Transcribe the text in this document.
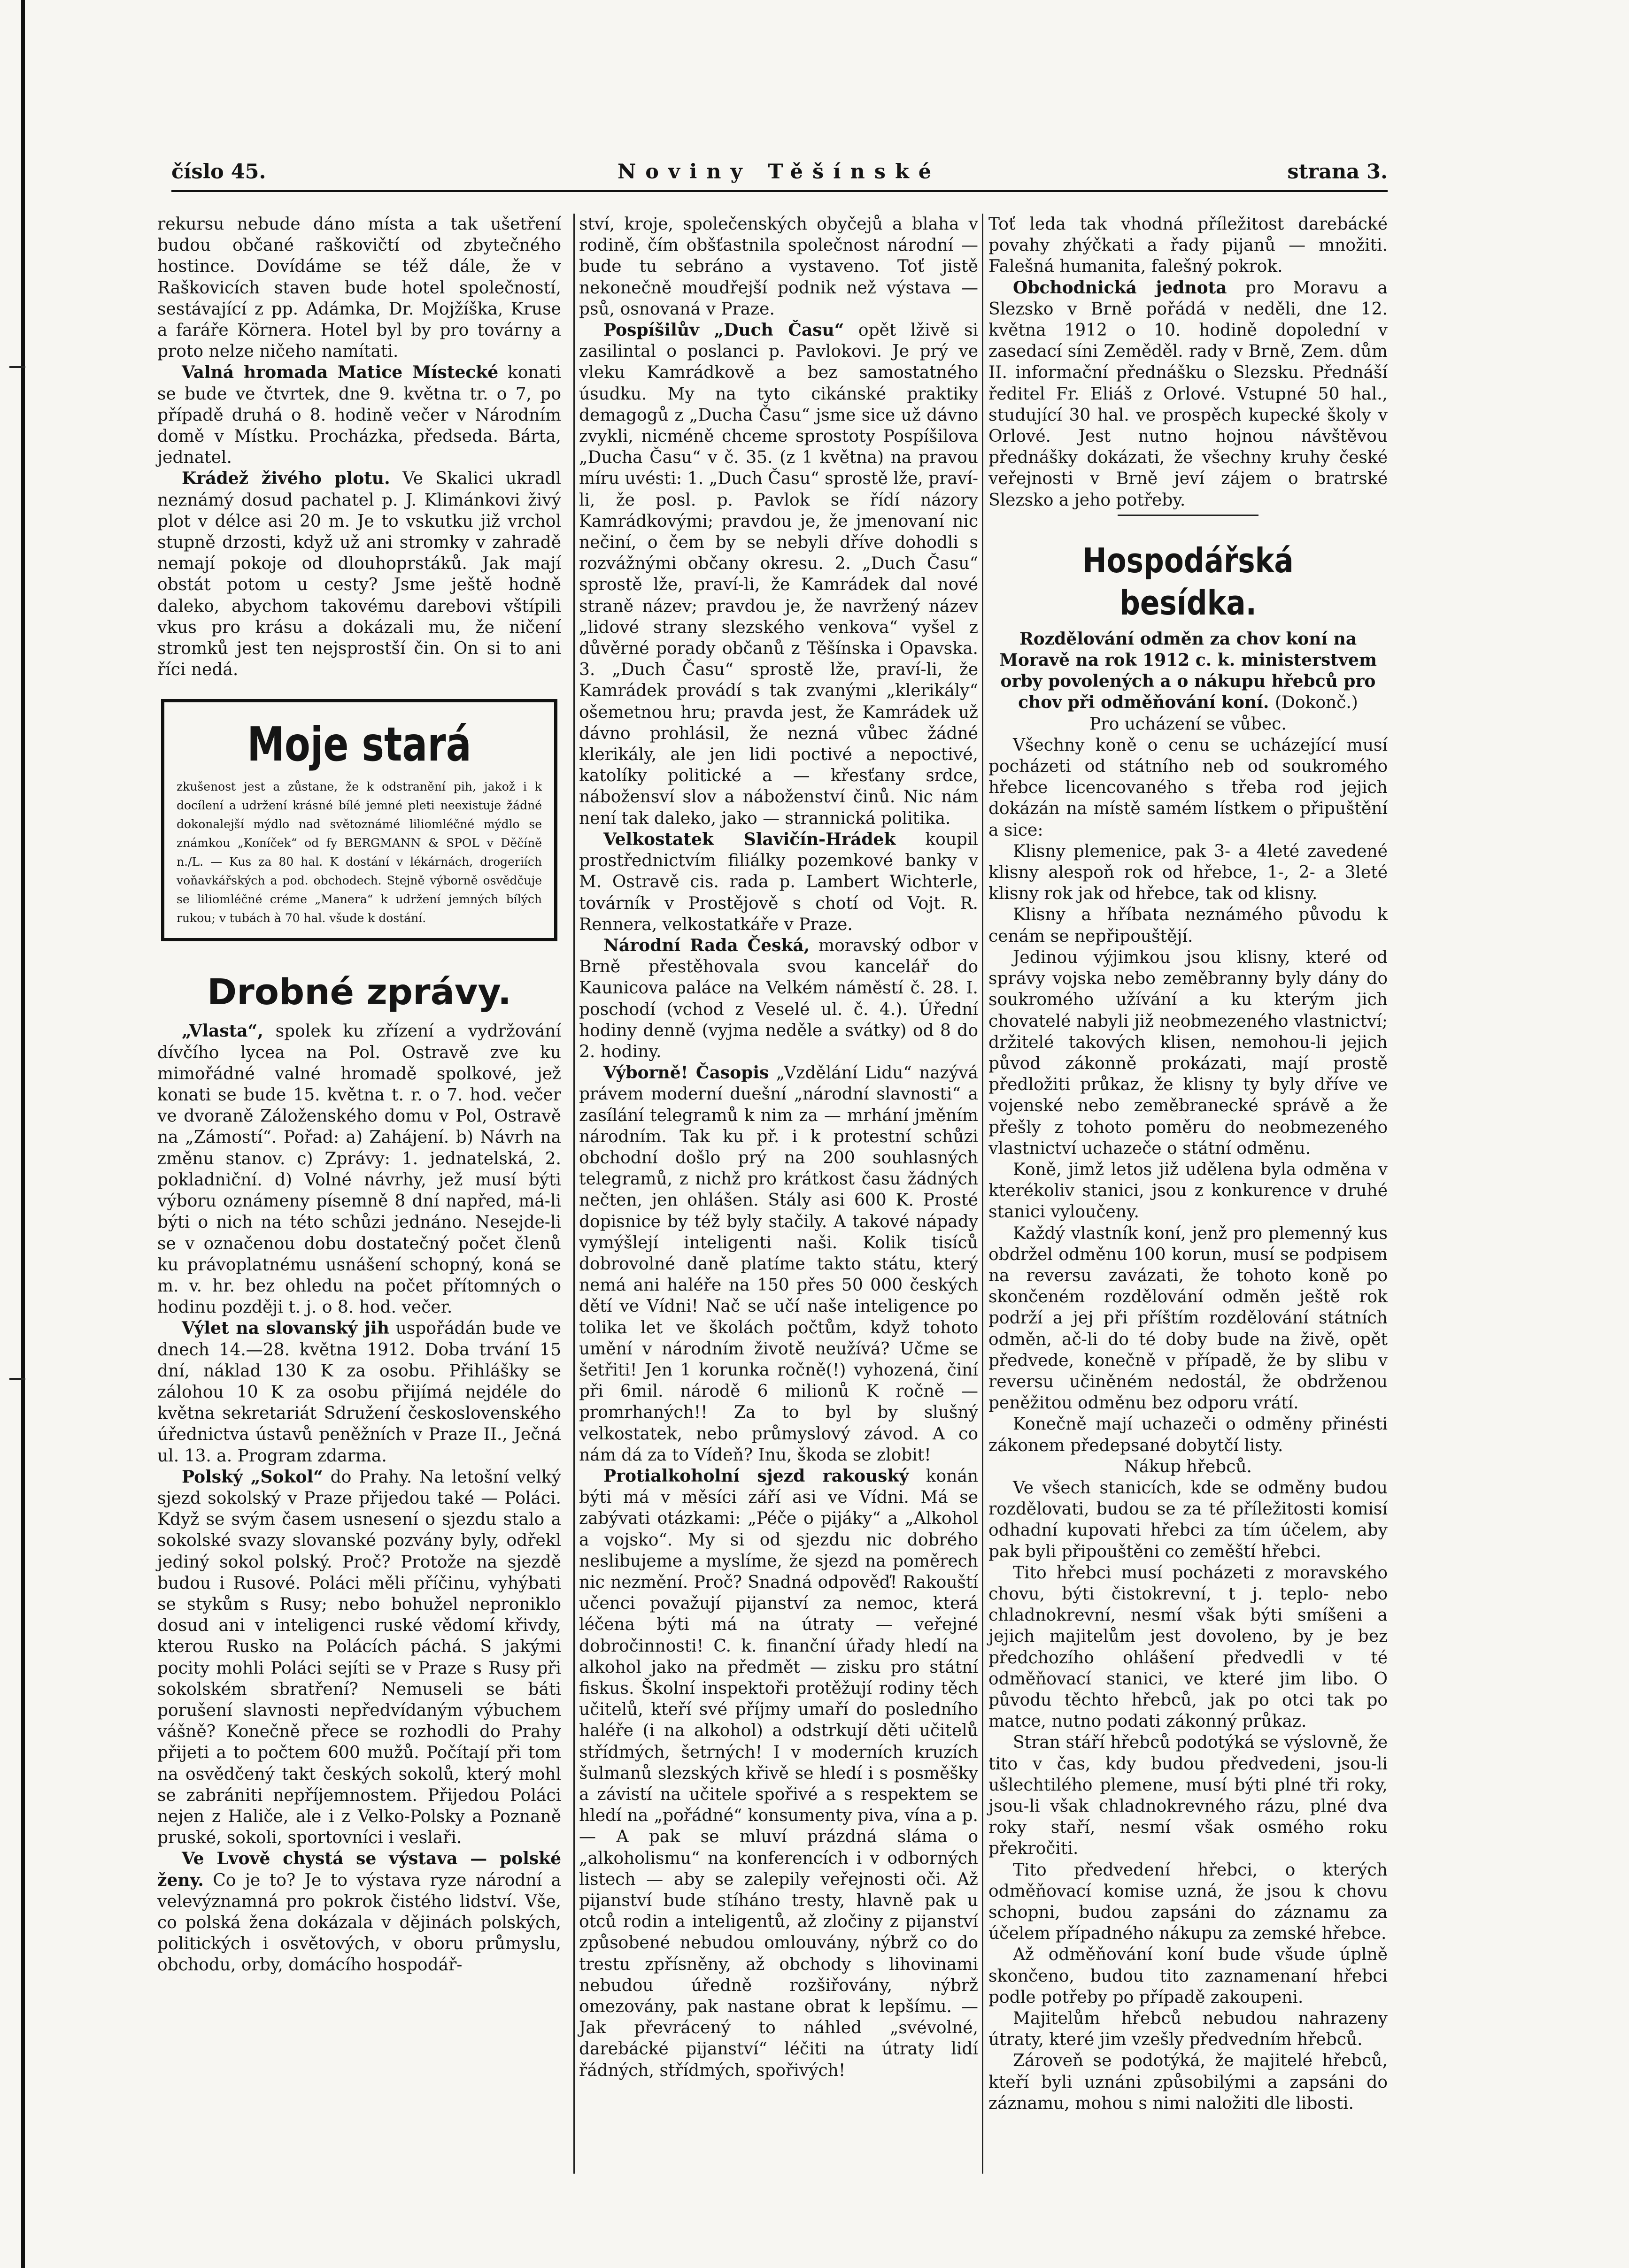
číslo 45.	Noviny Těšínské	strana 3.

rekursu nebude dáno místa a tak ušetření budou občané raškovičtí od zbytečného hostince. Dovídáme se též dále, že v Raškovicích staven bude hotel společností, sestávající z pp. Adámka, Dr. Mojžíška, Kruse a faráře Körnera. Hotel byl by pro továrny a proto nelze ničeho namítati.

Valná hromada Matice Místecké konati se bude ve čtvrtek, dne 9. května tr. o 7, po případě druhá o 8. hodině večer v Národním domě v Místku. Procházka, předseda. Bárta, jednatel.

Krádež živého plotu. Ve Skalici ukradl neznámý dosud pachatel p. J. Klimánkovi živý plot v délce asi 20 m. Je to vskutku již vrchol stupně drzosti, když už ani stromky v zahradě nemají pokoje od dlouhoprstáků. Jak mají obstát potom u cesty? Jsme ještě hodně daleko, abychom takovému darebovi vštípili vkus pro krásu a dokázali mu, že ničení stromků jest ten nejsprostší čin. On si to ani říci nedá.

Moje stará

zkušenost jest a zůstane, že k odstranění pih, jakož i k docílení a udržení krásné bílé jemné pleti neexistuje žádné dokonalejší mýdlo nad světoznámé liliomléčné mýdlo se známkou „Koníček“ od fy BERGMANN & SPOL v Děčíně n./L. — Kus za 80 hal. K dostání v lékárnách, drogeriích voňavkářských a pod. obchodech. Stejně výborně osvědčuje se liliomléčné créme „Manera“ k udržení jemných bílých rukou; v tubách à 70 hal. všude k dostání.

Drobné zprávy.

„Vlasta“, spolek ku zřízení a vydržování dívčího lycea na Pol. Ostravě zve ku mimořádné valné hromadě spolkové, jež konati se bude 15. května t. r. o 7. hod. večer ve dvoraně Záloženského domu v Pol, Ostravě na „Zámostí“. Pořad: a) Zahájení. b) Návrh na změnu stanov. c) Zprávy: 1. jednatelská, 2. pokladniční. d) Volné návrhy, jež musí býti výboru oznámeny písemně 8 dní napřed, má-li býti o nich na této schůzi jednáno. Nesejde-li se v označenou dobu dostatečný počet členů ku právoplatnému usnášení schopný, koná se m. v. hr. bez ohledu na počet přítomných o hodinu později t. j. o 8. hod. večer.

Výlet na slovanský jih uspořádán bude ve dnech 14.—28. května 1912. Doba trvání 15 dní, náklad 130 K za osobu. Přihlášky se zálohou 10 K za osobu přijímá nejdéle do května sekretariát Sdružení československého úřednictva ústavů peněžních v Praze II., Ječná ul. 13. a. Program zdarma.

Polský „Sokol“ do Prahy. Na letošní velký sjezd sokolský v Praze přijedou také — Poláci. Když se svým časem usnesení o sjezdu stalo a sokolské svazy slovanské pozvány byly, odřekl jediný sokol polský. Proč? Protože na sjezdě budou i Rusové. Poláci měli příčinu, vyhýbati se stykům s Rusy; nebo bohužel neproniklo dosud ani v inteligenci ruské vědomí křivdy, kterou Rusko na Polácích páchá. S jakými pocity mohli Poláci sejíti se v Praze s Rusy při sokolském sbratření? Nemuseli se báti porušení slavnosti nepředvídaným výbuchem vášně? Konečně přece se rozhodli do Prahy přijeti a to počtem 600 mužů. Počítají při tom na osvědčený takt českých sokolů, který mohl se zabrániti nepříjemnostem. Přijedou Poláci nejen z Haliče, ale i z Velko-Polsky a Poznaně pruské, sokoli, sportovníci i veslaři.

Ve Lvově chystá se výstava — polské ženy. Co je to? Je to výstava ryze národní a velevýznamná pro pokrok čistého lidství. Vše, co polská žena dokázala v dějinách polských, politických i osvětových, v oboru průmyslu, obchodu, orby, domácího hospodář-

ství, kroje, společenských obyčejů a blaha v rodině, čím obšťastnila společnost národní — bude tu sebráno a vystaveno. Toť jistě nekonečně moudřejší podnik než výstava — psů, osnovaná v Praze.

Pospíšilův „Duch Času“ opět lživě si zasilintal o poslanci p. Pavlokovi. Je prý ve vleku Kamrádkově a bez samostatného úsudku. My na tyto cikánské praktiky demagogů z „Ducha Času“ jsme sice už dávno zvykli, nicméně chceme sprostoty Pospíšilova „Ducha Času“ v č. 35. (z 1 května) na pravou míru uvésti: 1. „Duch Času“ sprostě lže, praví-li, že posl. p. Pavlok se řídí názory Kamrádkovými; pravdou je, že jmenovaní nic nečiní, o čem by se nebyli dříve dohodli s rozvážnými občany okresu. 2. „Duch Času“ sprostě lže, praví-li, že Kamrádek dal nové straně název; pravdou je, že navržený název „lidové strany slezského venkova“ vyšel z důvěrné porady občanů z Těšínska i Opavska. 3. „Duch Času“ sprostě lže, praví-li, že Kamrádek provádí s tak zvanými „klerikály“ ošemetnou hru; pravda jest, že Kamrádek už dávno prohlásil, že nezná vůbec žádné klerikály, ale jen lidi poctivé a nepoctivé, katolíky politické a — křesťany srdce, nábožensví slov a náboženství činů. Nic nám není tak daleko, jako — strannická politika.

Velkostatek Slavičín-Hrádek koupil prostřednictvím filiálky pozemkové banky v M. Ostravě cis. rada p. Lambert Wichterle, továrník v Prostějově s chotí od Vojt. R. Rennera, velkostatkáře v Praze.

Národní Rada Česká, moravský odbor v Brně přestěhovala svou kancelář do Kaunicova paláce na Velkém náměstí č. 28. I. poschodí (vchod z Veselé ul. č. 4.). Úřední hodiny denně (vyjma neděle a svátky) od 8 do 2. hodiny.

Výborně! Časopis „Vzdělání Lidu“ nazývá právem moderní duešní „národní slavnosti“ a zasílání telegramů k nim za — mrhání jměním národním. Tak ku př. i k protestní schůzi obchodní došlo prý na 200 souhlasných telegramů, z nichž pro krátkost času žádných nečten, jen ohlášen. Stály asi 600 K. Prosté dopisnice by též byly stačily. A takové nápady vymýšlejí inteligenti naši. Kolik tisíců dobrovolné daně platíme takto státu, který nemá ani haléře na 150 přes 50 000 českých dětí ve Vídni! Nač se učí naše inteligence po tolika let ve školách počtům, když tohoto umění v národním životě neužívá? Učme se šetřiti! Jen 1 korunka ročně(!) vyhozená, činí při 6mil. národě 6 milionů K ročně — promrhaných!! Za to byl by slušný velkostatek, nebo průmyslový závod. A co nám dá za to Vídeň? Inu, škoda se zlobit!

Protialkoholní sjezd rakouský konán býti má v měsíci září asi ve Vídni. Má se zabývati otázkami: „Péče o pijáky“ a „Alkohol a vojsko“. My si od sjezdu nic dobrého neslibujeme a myslíme, že sjezd na poměrech nic nezmění. Proč? Snadná odpověď! Rakouští učenci považují pijanství za nemoc, která léčena býti má na útraty — veřejné dobročinnosti! C. k. finanční úřady hledí na alkohol jako na předmět — zisku pro státní fiskus. Školní inspektoři protěžují rodiny těch učitelů, kteří své příjmy umaří do posledního haléře (i na alkohol) a odstrkují děti učitelů střídmých, šetrných! I v moderních kruzích šulmanů slezských křivě se hledí i s posměšky a závistí na učitele spořivé a s respektem se hledí na „pořádné“ konsumenty piva, vína a p. — A pak se mluví prázdná sláma o „alkoholismu“ na konferencích i v odborných listech — aby se zalepily veřejnosti oči. Až pijanství bude stíháno tresty, hlavně pak u otců rodin a inteligentů, až zločiny z pijanství způsobené nebudou omlouvány, nýbrž co do trestu zpřísněny, až obchody s lihovinami nebudou úředně rozšiřovány, nýbrž omezovány, pak nastane obrat k lepšímu. — Jak převrácený to náhled „svévolné, darebácké pijanství“ léčiti na útraty lidí řádných, střídmých, spořivých!

Toť leda tak vhodná příležitost darebácké povahy zhýčkati a řady pijanů — množiti. Falešná humanita, falešný pokrok.

Obchodnická jednota pro Moravu a Slezsko v Brně pořádá v neděli, dne 12. května 1912 o 10. hodině dopolední v zasedací síni Zeměděl. rady v Brně, Zem. dům II. informační přednášku o Slezsku. Přednáší ředitel Fr. Eliáš z Orlové. Vstupné 50 hal., studující 30 hal. ve prospěch kupecké školy v Orlové. Jest nutno hojnou návštěvou přednášky dokázati, že všechny kruhy české veřejnosti v Brně jeví zájem o bratrské Slezsko a jeho potřeby.

Hospodářská besídka.

Rozdělování odměn za chov koní na Moravě na rok 1912 c. k. ministerstvem orby povolených a o nákupu hřebců pro chov při odměňování koní. (Dokonč.)

Pro ucházení se vůbec.

Všechny koně o cenu se ucházející musí pocházeti od státního neb od soukromého hřebce licencovaného s třeba rod jejich dokázán na místě samém lístkem o připuštění a sice:

Klisny plemenice, pak 3- a 4leté zavedené klisny alespoň rok od hřebce, 1-, 2- a 3leté klisny rok jak od hřebce, tak od klisny.

Klisny a hříbata neznámého původu k cenám se nepřipouštějí.

Jedinou výjimkou jsou klisny, které od správy vojska nebo zeměbranny byly dány do soukromého užívání a ku kterým jich chovatelé nabyli již neobmezeného vlastnictví; držitelé takových klisen, nemohou-li jejich původ zákonně prokázati, mají prostě předložiti průkaz, že klisny ty byly dříve ve vojenské nebo zeměbranecké správě a že přešly z tohoto poměru do neobmezeného vlastnictví uchazeče o státní odměnu.

Koně, jimž letos již udělena byla odměna v kterékoliv stanici, jsou z konkurence v druhé stanici vyloučeny.

Každý vlastník koní, jenž pro plemenný kus obdržel odměnu 100 korun, musí se podpisem na reversu zavázati, že tohoto koně po skončeném rozdělování odměn ještě rok podrží a jej při příštím rozdělování státních odměn, ač-li do té doby bude na živě, opět předvede, konečně v případě, že by slibu v reversu učiněném nedostál, že obdrženou peněžitou odměnu bez odporu vrátí.

Konečně mají uchazeči o odměny přinésti zákonem předepsané dobytčí listy.

Nákup hřebců.

Ve všech stanicích, kde se odměny budou rozdělovati, budou se za té příležitosti komisí odhadní kupovati hřebci za tím účelem, aby pak byli připouštěni co zeměští hřebci.

Tito hřebci musí pocházeti z moravského chovu, býti čistokrevní, t j. teplo- nebo chladnokrevní, nesmí však býti smíšeni a jejich majitelům jest dovoleno, by je bez předchozího ohlášení předvedli v té odměňovací stanici, ve které jim libo. O původu těchto hřebců, jak po otci tak po matce, nutno podati zákonný průkaz.

Stran stáří hřebců podotýká se výslovně, že tito v čas, kdy budou předvedeni, jsou-li ušlechtilého plemene, musí býti plné tři roky, jsou-li však chladnokrevného rázu, plné dva roky staří, nesmí však osmého roku překročiti.

Tito předvedení hřebci, o kterých odměňovací komise uzná, že jsou k chovu schopni, budou zapsáni do záznamu za účelem případného nákupu za zemské hřebce.

Až odměňování koní bude všude úplně skončeno, budou tito zaznamenaní hřebci podle potřeby po případě zakoupeni.

Majitelům hřebců nebudou nahrazeny útraty, které jim vzešly předvedním hřebců.

Zároveň se podotýká, že majitelé hřebců, kteří byli uznáni způsobilými a zapsáni do záznamu, mohou s nimi naložiti dle libosti.
